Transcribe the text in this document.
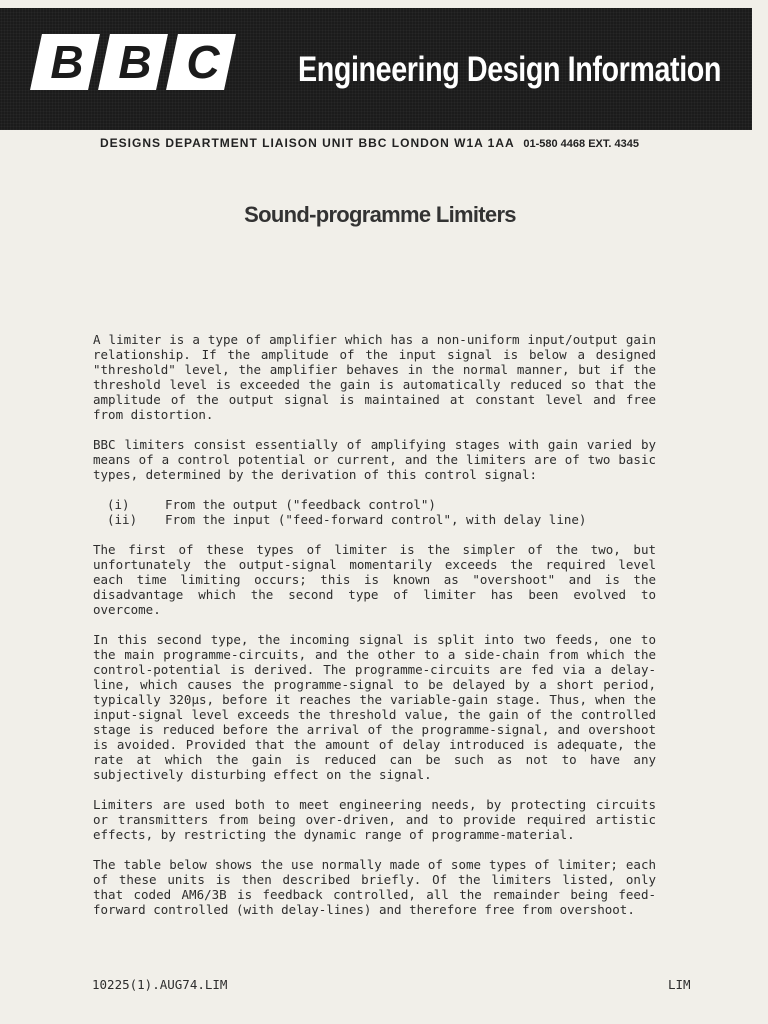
B B C	Engineering Design Information
DESIGNS DEPARTMENT LIAISON UNIT BBC LONDON W1A 1AA 01-580 4468 EXT. 4345
Sound-programme Limiters

A limiter is a type of amplifier which has a non-uniform input/output gain relationship. If the amplitude of the input signal is below a designed "threshold" level, the amplifier behaves in the normal manner, but if the threshold level is exceeded the gain is automatically reduced so that the amplitude of the output signal is maintained at constant level and free from distortion.

BBC limiters consist essentially of amplifying stages with gain varied by means of a control potential or current, and the limiters are of two basic types, determined by the derivation of this control signal:

(i)	From the output ("feedback control")
(ii)	From the input ("feed-forward control", with delay line)

The first of these types of limiter is the simpler of the two, but unfortunately the output-signal momentarily exceeds the required level each time limiting occurs; this is known as "overshoot" and is the disadvantage which the second type of limiter has been evolved to overcome.

In this second type, the incoming signal is split into two feeds, one to the main programme-circuits, and the other to a side-chain from which the control-potential is derived. The programme-circuits are fed via a delay-line, which causes the programme-signal to be delayed by a short period, typically 320µs, before it reaches the variable-gain stage. Thus, when the input-signal level exceeds the threshold value, the gain of the controlled stage is reduced before the arrival of the programme-signal, and overshoot is avoided. Provided that the amount of delay introduced is adequate, the rate at which the gain is reduced can be such as not to have any subjectively disturbing effect on the signal.

Limiters are used both to meet engineering needs, by protecting circuits or transmitters from being over-driven, and to provide required artistic effects, by restricting the dynamic range of programme-material.

The table below shows the use normally made of some types of limiter; each of these units is then described briefly. Of the limiters listed, only that coded AM6/3B is feedback controlled, all the remainder being feed-forward controlled (with delay-lines) and therefore free from overshoot.

10225(1).AUG74.LIM	LIM
